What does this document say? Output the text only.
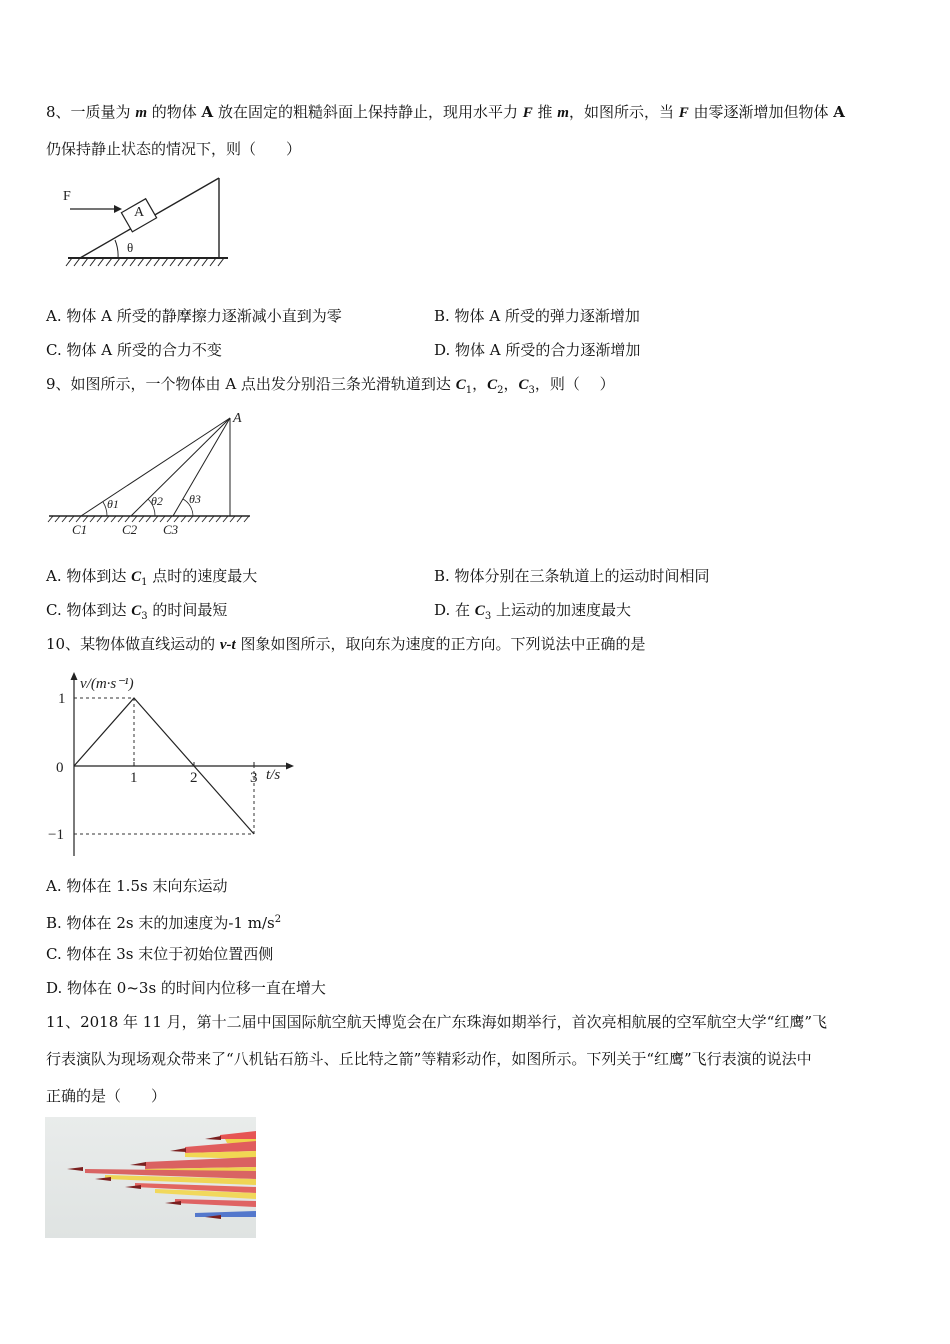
8、一质量为 m 的物体 A 放在固定的粗糙斜面上保持静止，现用水平力 F 推 m，如图所示，当 F 由零逐渐增加但物体 A
仍保持静止状态的情况下，则（　　）
θ
A
F
A. 物体 A 所受的静摩擦力逐渐减小直到为零	B. 物体 A 所受的弹力逐渐增加
C. 物体 A 所受的合力不变	D. 物体 A 所受的合力逐渐增加
9、如图所示，一个物体由 A 点出发分别沿三条光滑轨道到达 $C_1$，$C_2$，$C_3$，则（　 ）
A
θ1	θ2 θ3
C1	C2 C3
A. 物体到达 $C_1$ 点时的速度最大	B. 物体分别在三条轨道上的运动时间相同
C. 物体到达 $C_3$ 的时间最短	D. 在 $C_3$ 上运动的加速度最大
10、某物体做直线运动的 v-t 图象如图所示，取向东为速度的正方向。下列说法中正确的是
v/(m·s⁻¹)
t/s
0
1	2	3
1
−1
A. 物体在 1.5s 末向东运动
B. 物体在 2s 末的加速度为-1 $m/s^2$
C. 物体在 3s 末位于初始位置西侧
D. 物体在 0~3s 的时间内位移一直在增大
11、2018 年 11 月，第十二届中国国际航空航天博览会在广东珠海如期举行，首次亮相航展的空军航空大学“红鹰”飞
行表演队为现场观众带来了“八机钻石筋斗、丘比特之箭”等精彩动作，如图所示。下列关于“红鹰”飞行表演的说法中
正确的是（　　）
